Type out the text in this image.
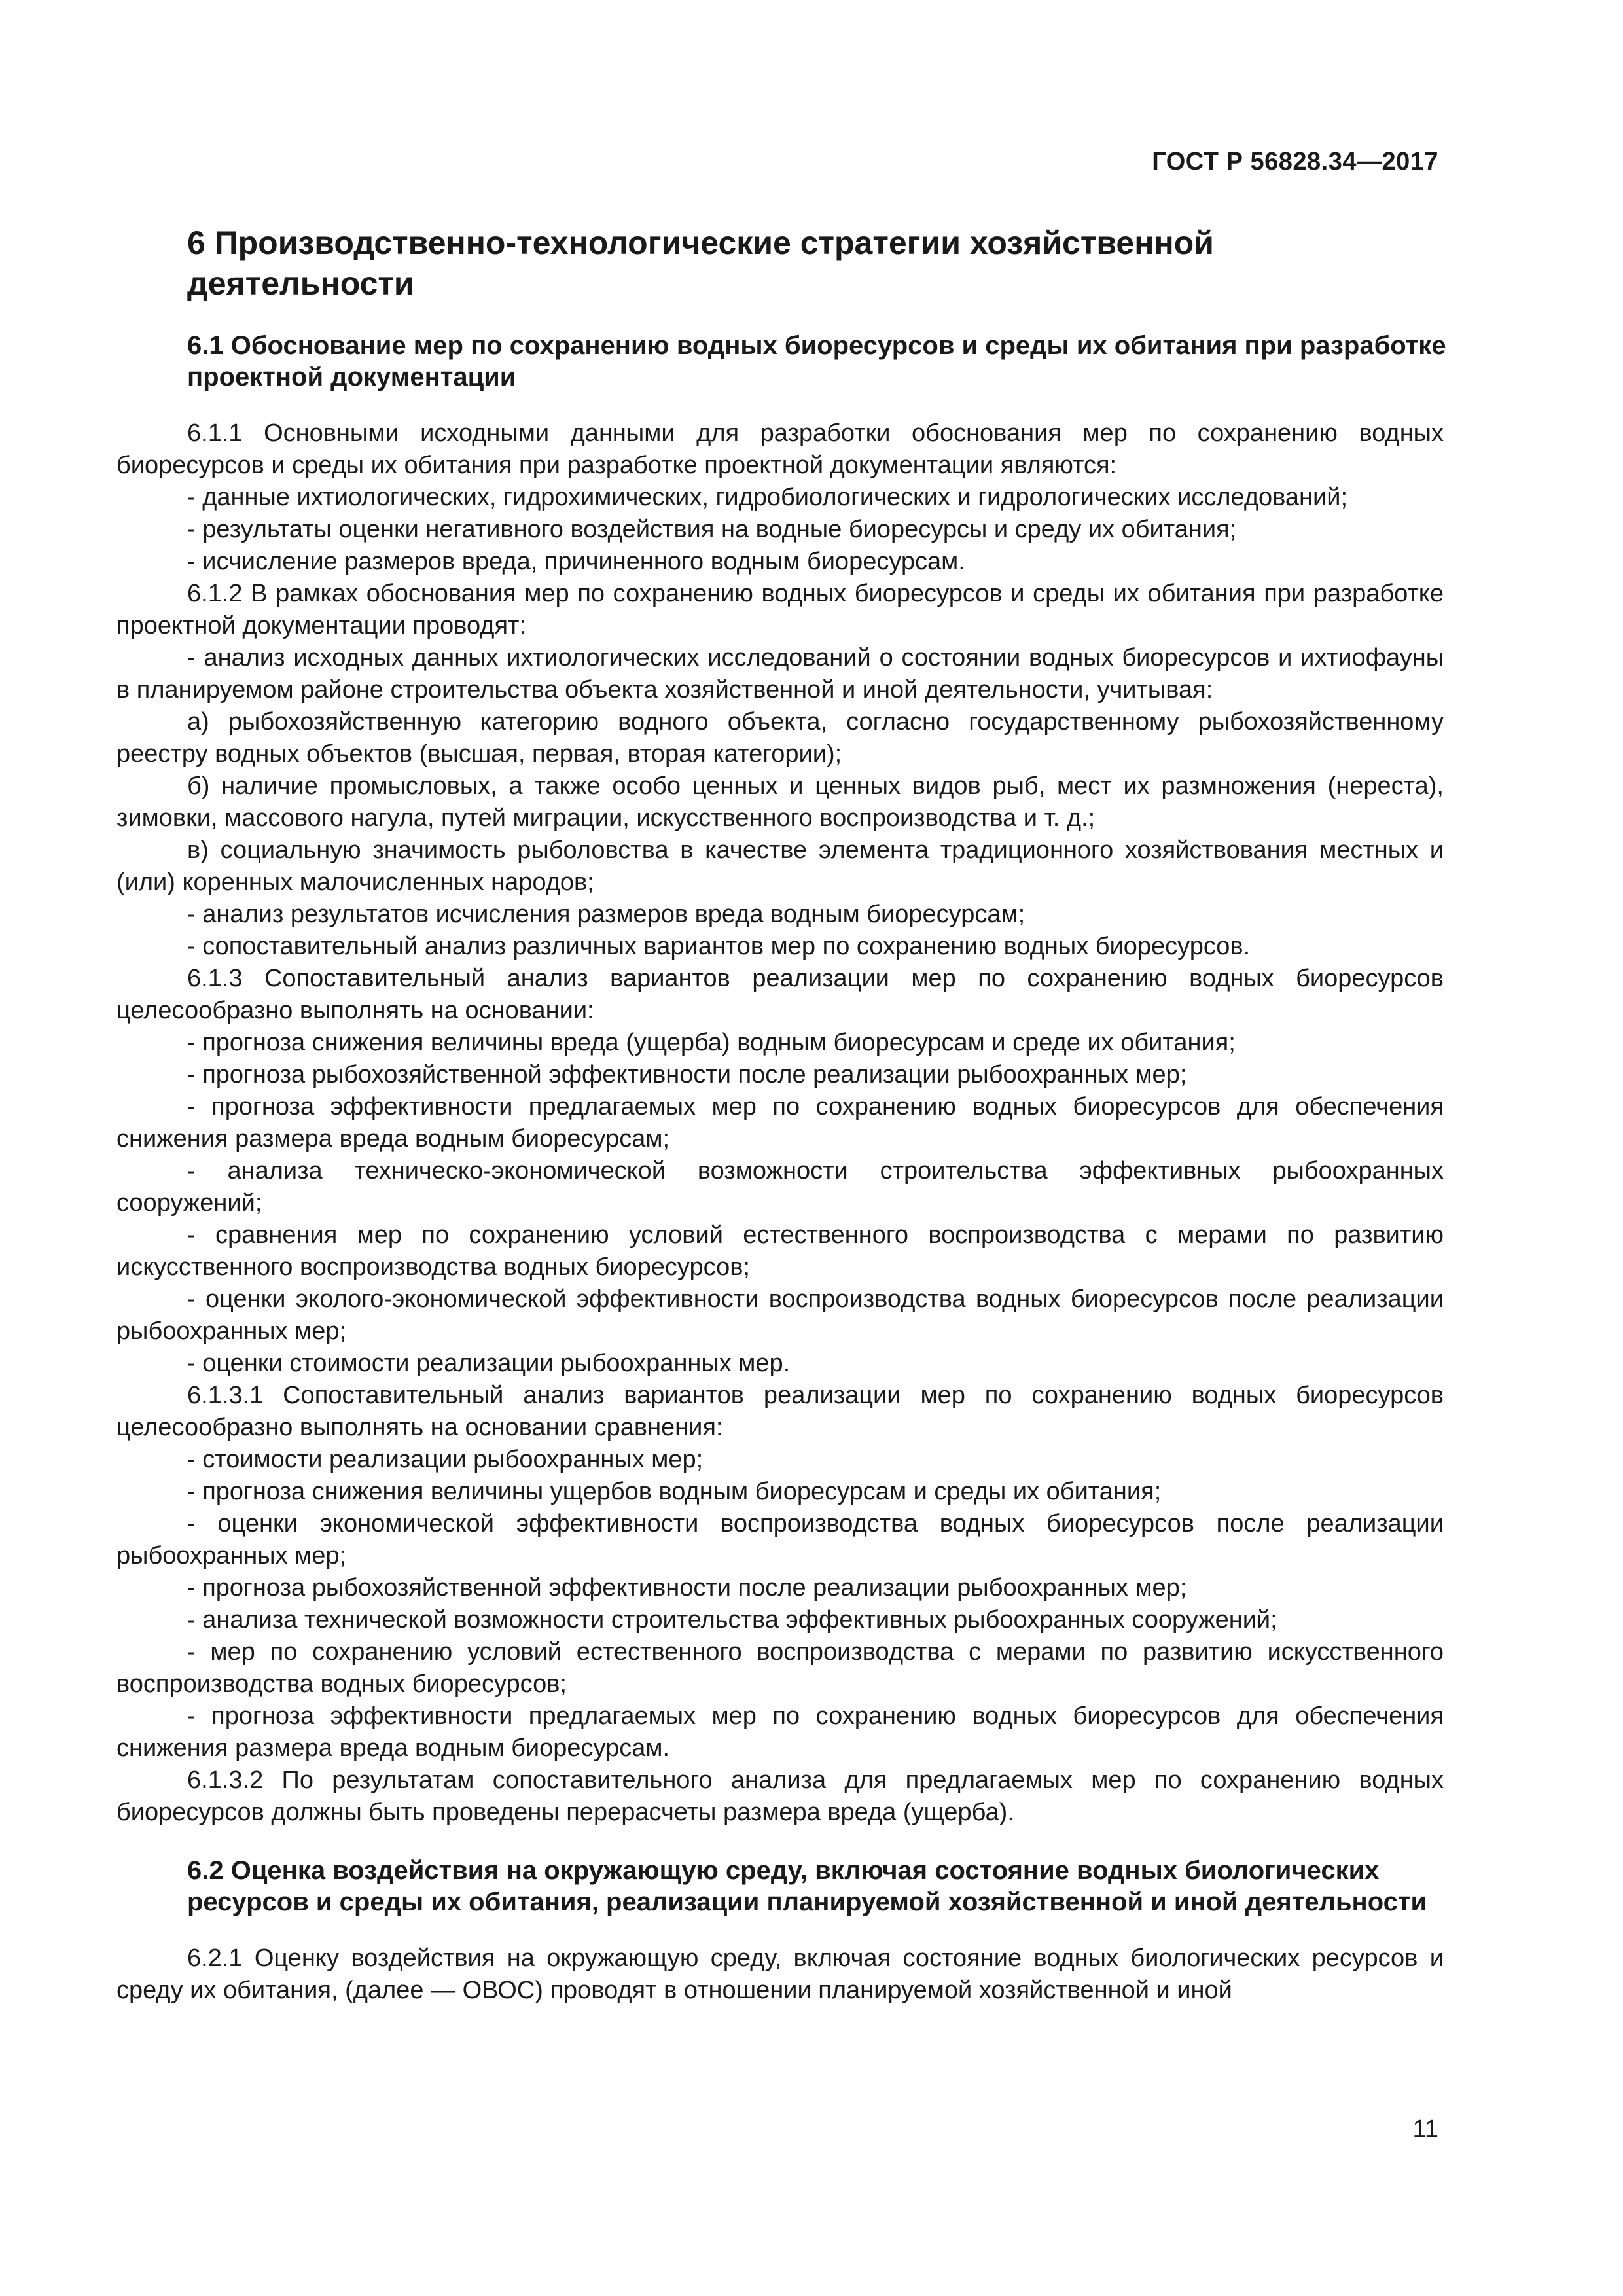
ГОСТ Р 56828.34—2017
6 Производственно-технологические стратегии хозяйственной деятельности
6.1 Обоснование мер по сохранению водных биоресурсов и среды их обитания при разработке проектной документации

6.1.1 Основными исходными данными для разработки обоснования мер по сохранению водных биоресурсов и среды их обитания при разработке проектной документации являются:

- данные ихтиологических, гидрохимических, гидробиологических и гидрологических исследований;

- результаты оценки негативного воздействия на водные биоресурсы и среду их обитания;

- исчисление размеров вреда, причиненного водным биоресурсам.

6.1.2 В рамках обоснования мер по сохранению водных биоресурсов и среды их обитания при разработке проектной документации проводят:

- анализ исходных данных ихтиологических исследований о состоянии водных биоресурсов и ихтиофауны в планируемом районе строительства объекта хозяйственной и иной деятельности, учитывая:

а) рыбохозяйственную категорию водного объекта, согласно государственному рыбохозяйственному реестру водных объектов (высшая, первая, вторая категории);

б) наличие промысловых, а также особо ценных и ценных видов рыб, мест их размножения (нереста), зимовки, массового нагула, путей миграции, искусственного воспроизводства и т. д.;

в) социальную значимость рыболовства в качестве элемента традиционного хозяйствования местных и (или) коренных малочисленных народов;

- анализ результатов исчисления размеров вреда водным биоресурсам;

- сопоставительный анализ различных вариантов мер по сохранению водных биоресурсов.

6.1.3 Сопоставительный анализ вариантов реализации мер по сохранению водных биоресурсов целесообразно выполнять на основании:

- прогноза снижения величины вреда (ущерба) водным биоресурсам и среде их обитания;

- прогноза рыбохозяйственной эффективности после реализации рыбоохранных мер;

- прогноза эффективности предлагаемых мер по сохранению водных биоресурсов для обеспечения снижения размера вреда водным биоресурсам;

- анализа техническо-экономической возможности строительства эффективных рыбоохранных сооружений;

- сравнения мер по сохранению условий естественного воспроизводства с мерами по развитию искусственного воспроизводства водных биоресурсов;

- оценки эколого-экономической эффективности воспроизводства водных биоресурсов после реализации рыбоохранных мер;

- оценки стоимости реализации рыбоохранных мер.

6.1.3.1 Сопоставительный анализ вариантов реализации мер по сохранению водных биоресурсов целесообразно выполнять на основании сравнения:

- стоимости реализации рыбоохранных мер;

- прогноза снижения величины ущербов водным биоресурсам и среды их обитания;

- оценки экономической эффективности воспроизводства водных биоресурсов после реализации рыбоохранных мер;

- прогноза рыбохозяйственной эффективности после реализации рыбоохранных мер;

- анализа технической возможности строительства эффективных рыбоохранных сооружений;

- мер по сохранению условий естественного воспроизводства с мерами по развитию искусственного воспроизводства водных биоресурсов;

- прогноза эффективности предлагаемых мер по сохранению водных биоресурсов для обеспечения снижения размера вреда водным биоресурсам.

6.1.3.2 По результатам сопоставительного анализа для предлагаемых мер по сохранению водных биоресурсов должны быть проведены перерасчеты размера вреда (ущерба).

6.2 Оценка воздействия на окружающую среду, включая состояние водных биологических ресурсов и среды их обитания, реализации планируемой хозяйственной и иной деятельности

6.2.1 Оценку воздействия на окружающую среду, включая состояние водных биологических ресурсов и среду их обитания, (далее — ОВОС) проводят в отношении планируемой хозяйственной и иной

11
